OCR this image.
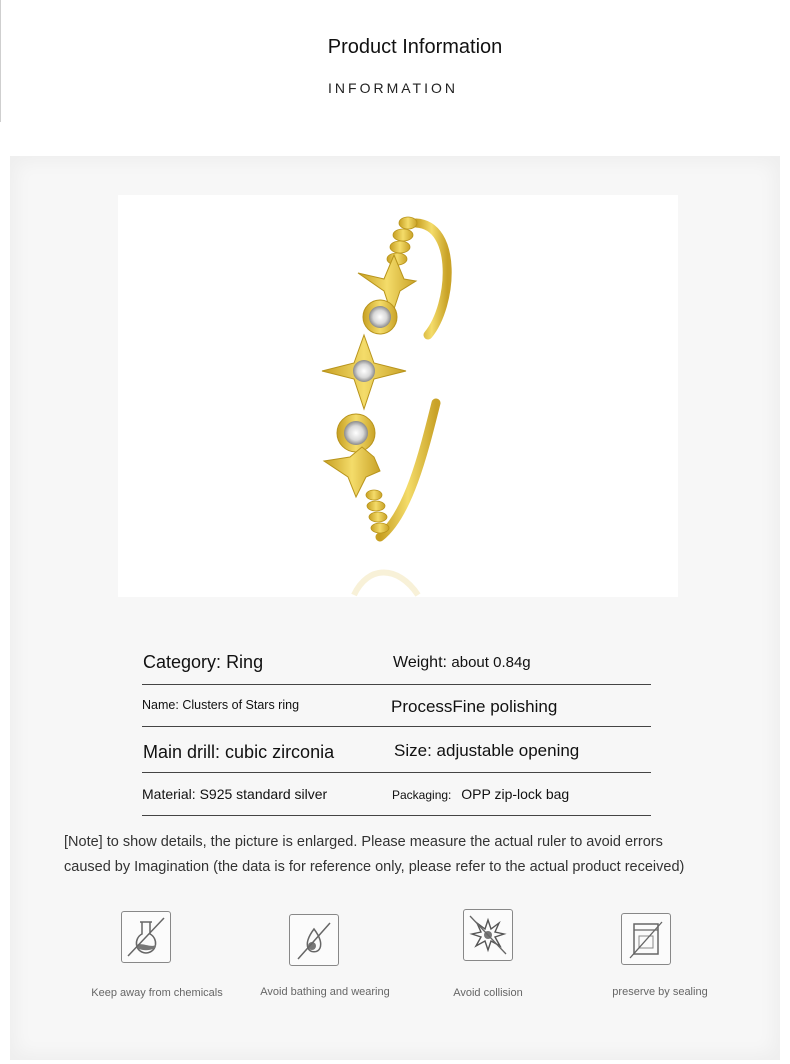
Product Information
INFORMATION
Category: Ring	Weight: about 0.84g
Name: Clusters of Stars ring	ProcessFine polishing
Main drill: cubic zirconia	Size: adjustable opening
Material: S925 standard silver	Packaging: OPP zip-lock bag
[Note] to show details, the picture is enlarged. Please measure the actual ruler to avoid errors
caused by Imagination (the data is for reference only, please refer to the actual product received)
Keep away from chemicals	Avoid bathing and wearing	Avoid collision	preserve by sealing
